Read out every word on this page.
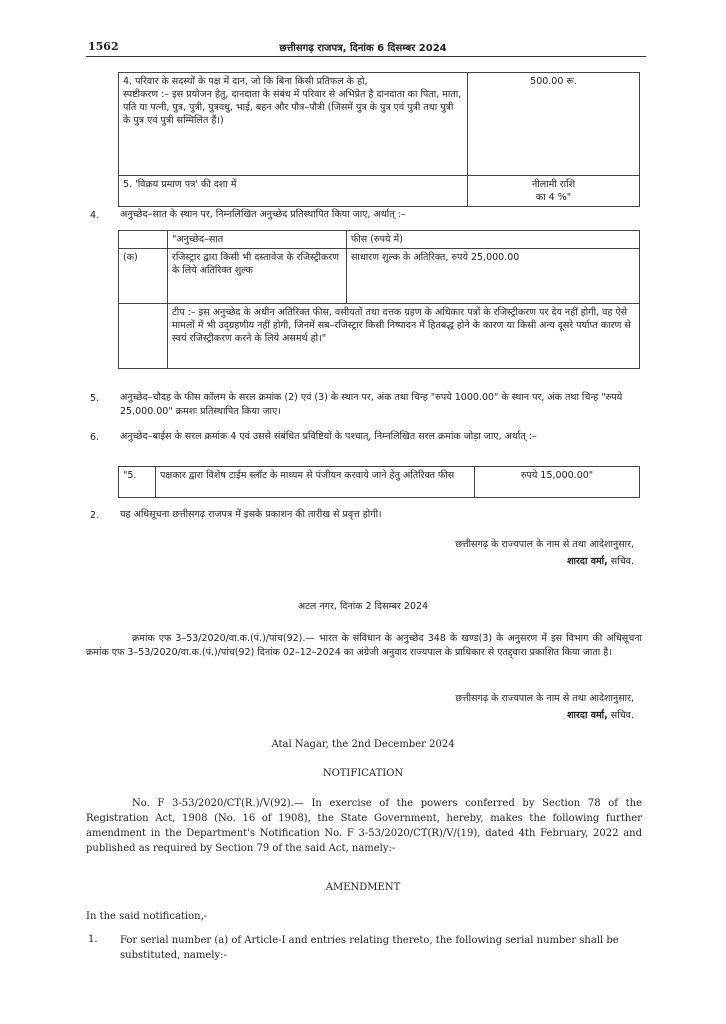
1562	छत्तीसगढ़ राजपत्र, दिनांक 6 दिसम्बर 2024
4. परिवार के सदस्यों के पक्ष में दान, जो कि बिना किसी प्रतिफल के हो,
स्पष्टीकरण :– इस प्रयोजन हेतु, दानदाता के संबंध में परिवार से अभिप्रेत है दानदाता का पिता, माता, पति या पत्नी, पुत्र, पुत्री, पुत्रवधु, भाई, बहन और पौत्र–पौत्री (जिसमें पुत्र के पुत्र एवं पुत्री तथा पुत्री के पुत्र एवं पुत्री सम्मिलित हैं।)	500.00 रू.
5. 'विक्रय प्रमाण पत्र' की दशा में	नीलामी राशि
का 4 %"
4. अनुच्छेद–सात के स्थान पर, निम्नलिखित अनुच्छेद प्रतिस्थापित किया जाए, अर्थात् :–
	"अनुच्छेद–सात	फीस (रुपये में)
(क)	रजिस्ट्रार द्वारा किसी भी दस्तावेज के रजिस्ट्रीकरण के लिये अतिरिक्त शुल्क	साधारण शुल्क के अतिरिक्त, रुपये 25,000.00
	टीप :– इस अनुच्छेद के अधीन अतिरिक्त फीस, वसीयतों तथा दत्तक ग्रहण के अधिकार पत्रों के रजिस्ट्रीकरण पर देय नहीं होगी, वह ऐसे मामलों में भी उद्ग्रहणीय नहीं होगी, जिनमें सब–रजिस्ट्रार किसी निष्पादन में हितबद्ध होने के कारण या किसी अन्य दूसरे पर्याप्त कारण से स्वयं रजिस्ट्रीकरण करने के लिये असमर्थ हो।"	
5. अनुच्छेद–चौदह के फीस कॉलम के सरल क्रमांक (2) एवं (3) के स्थान पर, अंक तथा चिन्ह "रुपये 1000.00" के स्थान पर, अंक तथा चिन्ह "रुपये 25,000.00" क्रमशः प्रतिस्थापित किया जाए।
6. अनुच्छेद–बाईस के सरल क्रमांक 4 एवं उससे संबंधित प्रविष्टियों के पश्चात्, निम्नलिखित सरल क्रमांक जोड़ा जाए, अर्थात् :–
"5.	पक्षकार द्वारा विशेष टाईम स्लॉट के माध्यम से पंजीयन करवाये जाने हेतु अतिरिक्त फीस	रुपये 15,000.00"
2. यह अधिसूचना छत्तीसगढ़ राजपत्र में इसके प्रकाशन की तारीख से प्रवृत्त होगी।
छत्तीसगढ़ के राज्यपाल के नाम से तथा आदेशानुसार,
शारदा वर्मा, सचिव.
अटल नगर, दिनांक 2 दिसम्बर 2024
क्रमांक एफ 3–53/2020/वा.क.(पं.)/पांच(92).— भारत के संविधान के अनुच्छेद 348 के खण्ड(3) के अनुसरण में इस विभाग की अधिसूचना क्रमांक एफ 3–53/2020/वा.क.(पं.)/पांच(92) दिनांक 02–12–2024 का अंग्रेजी अनुवाद राज्यपाल के प्राधिकार से एतद्द्वारा प्रकाशित किया जाता है।
छत्तीसगढ़ के राज्यपाल के नाम से तथा आदेशानुसार,
शारदा वर्मा, सचिव.
Atal Nagar, the 2nd December 2024
NOTIFICATION
No. F 3-53/2020/CT(R.)/V(92).— In exercise of the powers conferred by Section 78 of the Registration Act, 1908 (No. 16 of 1908), the State Government, hereby, makes the following further amendment in the Department's Notification No. F 3-53/2020/CT(R)/V/(19), dated 4th February, 2022 and published as required by Section 79 of the said Act, namely:-
AMENDMENT
In the said notification,-
1. For serial number (a) of Article-I and entries relating thereto, the following serial number shall be substituted, namely:-
